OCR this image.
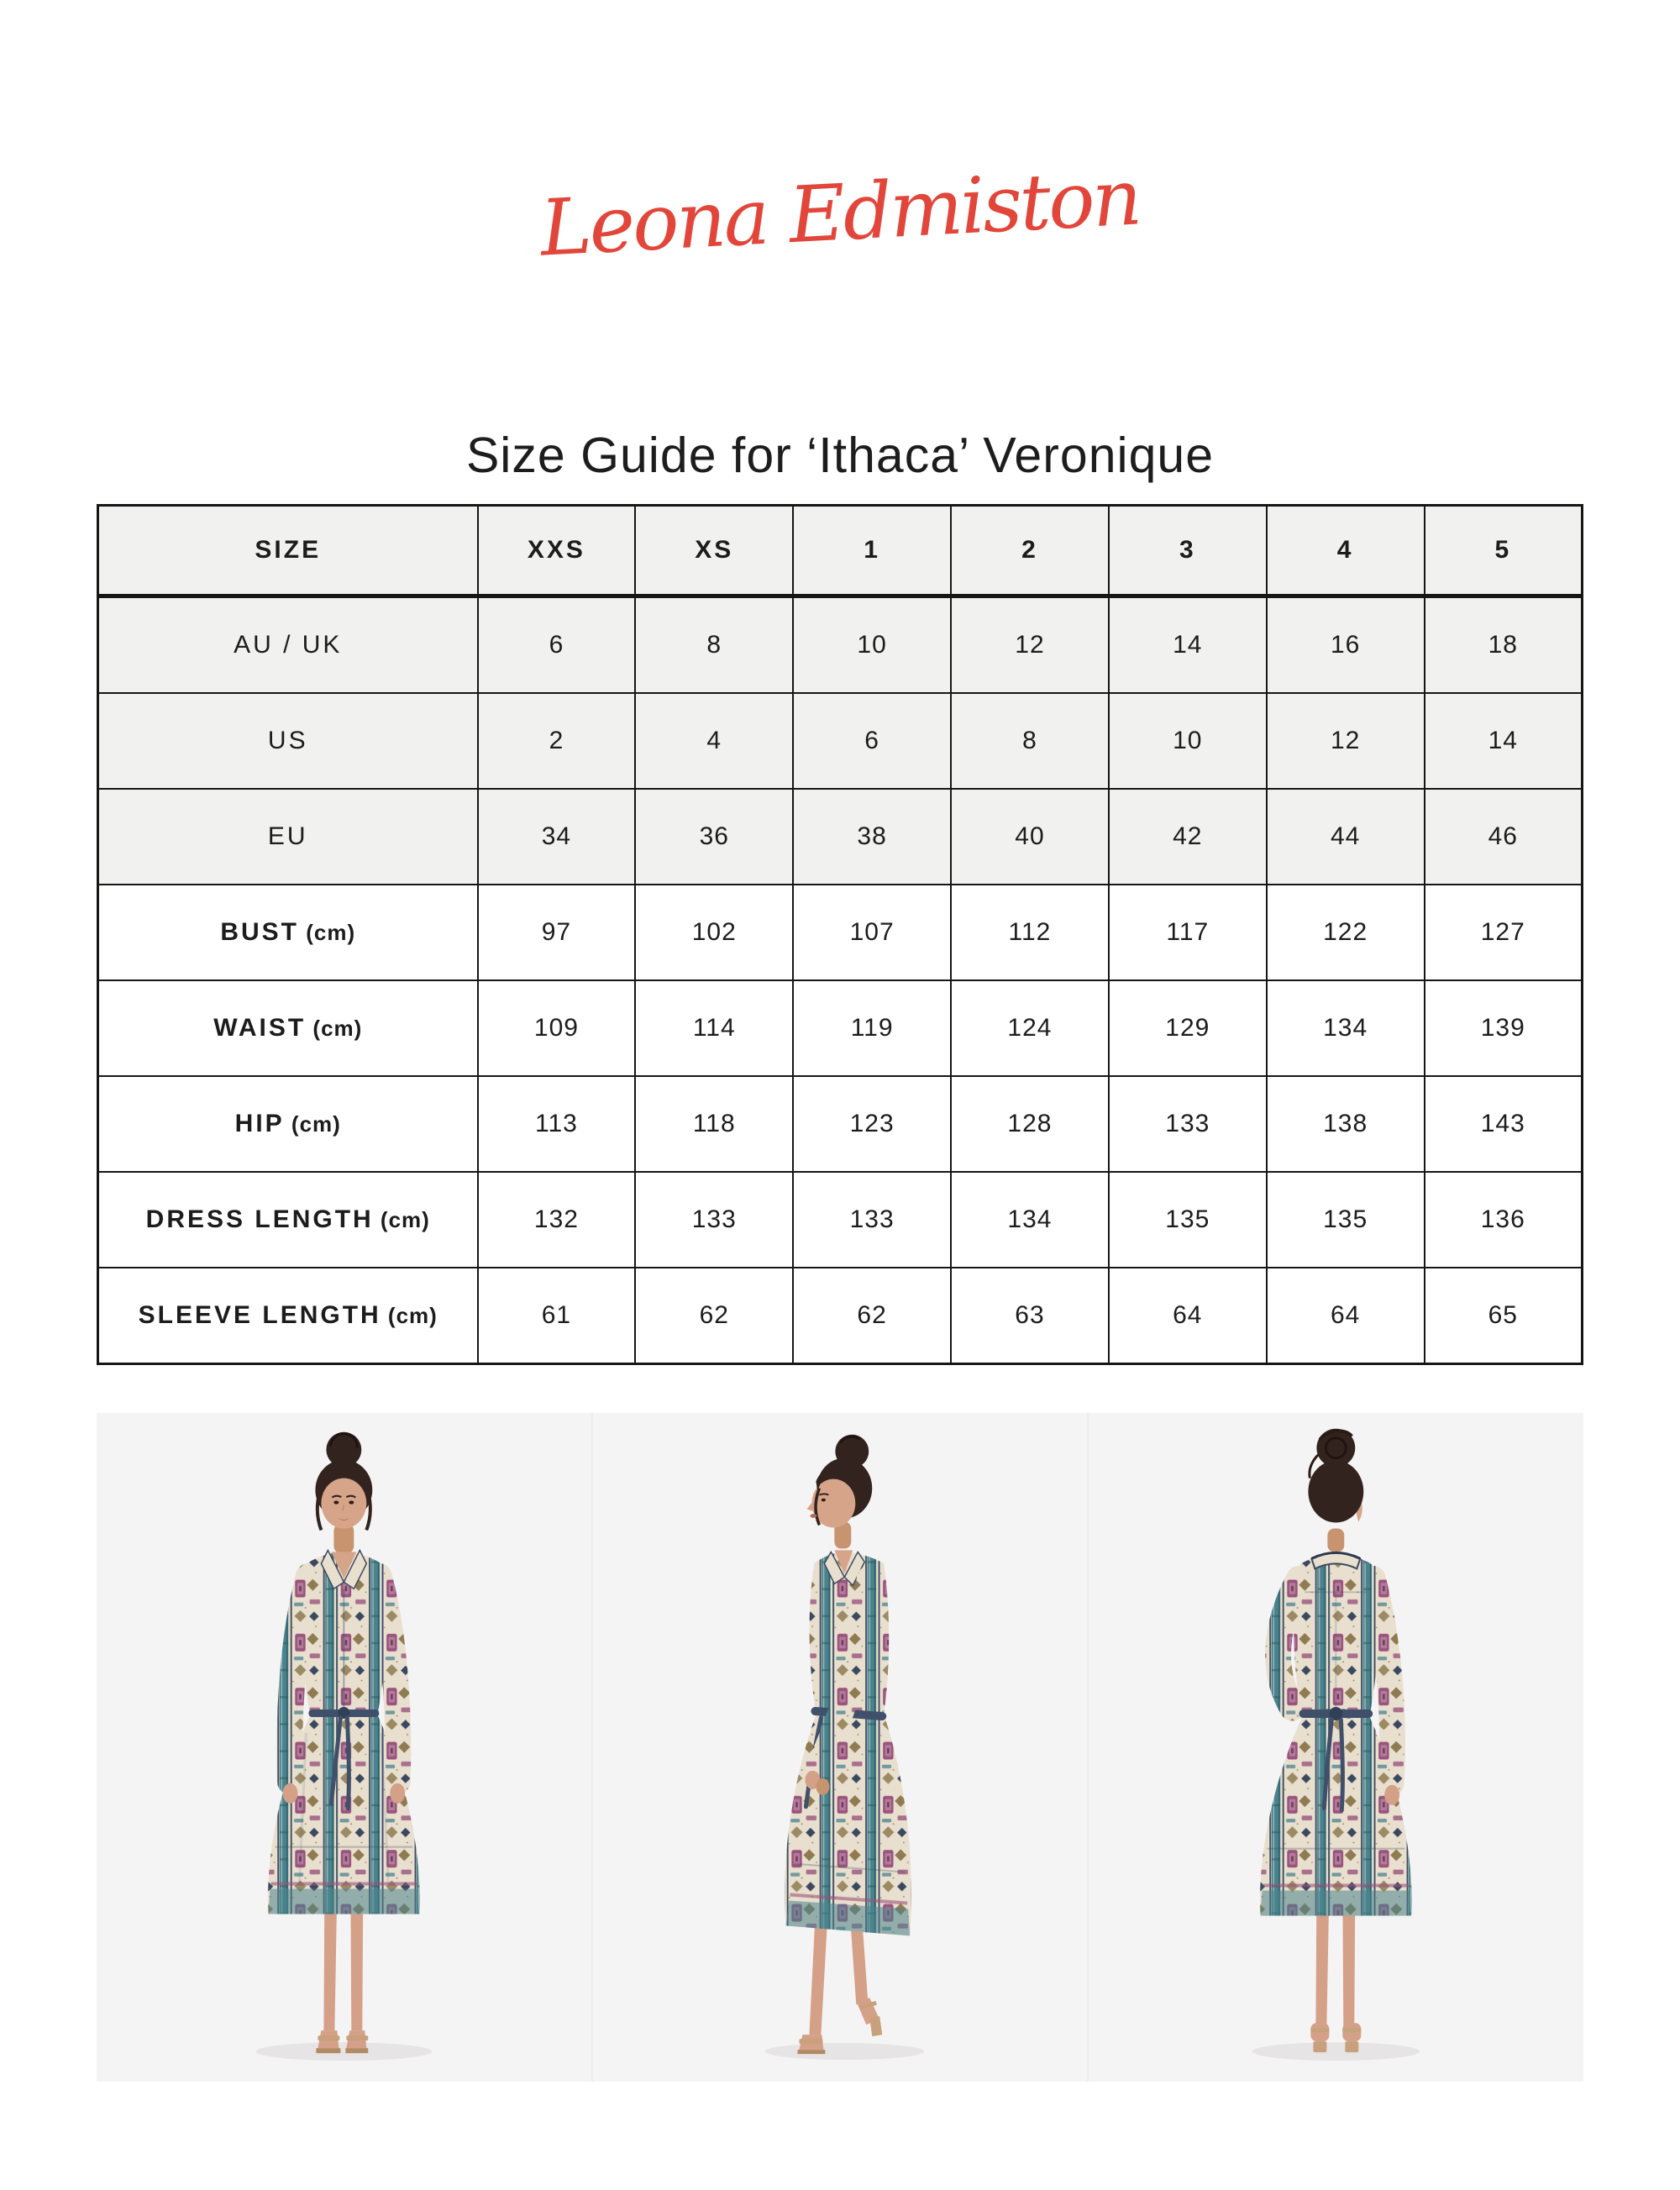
Leona Edmiston
Size Guide for ‘Ithaca’ Veronique
SIZE	XXS	XS	1	2	3	4	5
AU / UK	6	8	10	12	14	16	18
US	2	4	6	8	10	12	14
EU	34	36	38	40	42	44	46
BUST (cm)	97	102	107	112	117	122	127
WAIST (cm)	109	114	119	124	129	134	139
HIP (cm)	113	118	123	128	133	138	143
DRESS LENGTH (cm)	132	133	133	134	135	135	136
SLEEVE LENGTH (cm)	61	62	62	63	64	64	65
